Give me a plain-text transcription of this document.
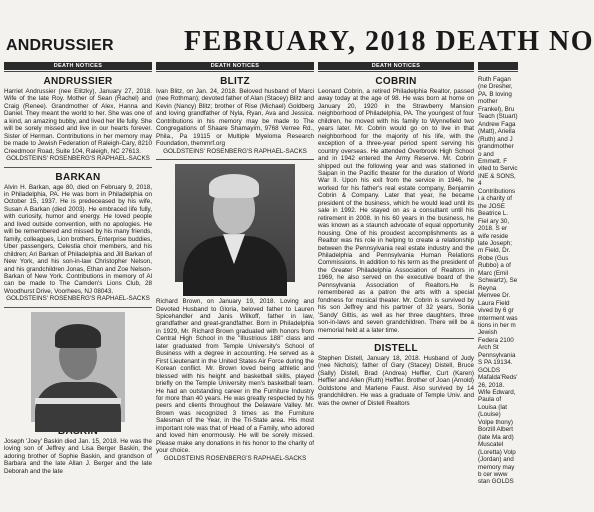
ANDRUSSIER	FEBRUARY, 2018 DEATH NO
DEATH NOTICES
ANDRUSSIER
Harriet Andrussier (nee Elitzky), January 27, 2018. Wife of the late Roy. Mother of Sean (Rachel) and Craig (Renee). Grandmother of Alex, Hanna and Daniel. They meant the world to her. She was one of a kind, an amazing bubby, and lived her life fully. She will be sorely missed and live in our hearts forever. Sister of Herman. Contributions in her memory may be made to Jewish Federation of Raleigh-Cary, 8210 Creedmoor Road, Suite 104, Raleigh, NC 27613.
GOLDSTEINS' ROSENBERG'S RAPHAEL-SACKS
BARKAN
Alvin H. Barkan, age 80, died on February 9, 2018, in Philadelphia, PA. He was born in Philadelphia on October 15, 1937. He is predeceased by his wife, Susan A Barkan (died 2003). He embraced life fully, with curiosity, humor and energy. He loved people and lived outside convention, with no apologies. He will be remembered and missed by his many friends, family, colleagues, Lion brothers, Enterprise buddies, Uber passengers, Celestia choir members, and his children; Ari Barkan of Philadelphia and Jill Barkan of New York, and his son-in-law Christopher Nelson, and his grandchildren Jonas, Ethan and Zoe Nelson-Barkan of New York. Contributions in memory of Al can be made to The Camden's Lions Club, 28 Woodhurst Drive, Voorhees, NJ 08043.
GOLDSTEINS' ROSENBERG'S RAPHAEL-SACKS
Joseph 'Joey' Baskin died Jan. 15, 2018. He was the loving son of Jeffrey and Lisa Berger Baskin, the adoring brother of Sophie Baskin, and grandson of Barbara and the late Allan J. Berger and the late Deborah and the late
DEATH NOTICES
BLITZ
Ivan Blitz, on Jan. 24, 2018. Beloved husband of Marci (nee Rothman); devoted father of Alan (Stacey) Blitz and Kevin (Nancy) Blitz; brother of Rise (Michael) Goldberg and loving grandfather of Nyla, Ryan, Ava and Jessica. Contributions in his memory may be made to The Congregations of Shaare Shamayim, 9768 Verree Rd., Phila., Pa 19115 or Multiple Myeloma Research Foundation, themmrf.org
GOLDSTEINS' ROSENBERG'S RAPHAEL-SACKS
Richard Brown, on January 19, 2018. Loving and Devoted Husband to Gloria, beloved father to Lauren Spicehandler and Janis Wilkoff, father in law, grandfather and great-grandfather. Born in Philadelphia in 1929, Mr. Richard Brown graduated with honors from Central High School in the "Illustrious 188" class and later graduated from Temple University's School of Business with a degree in accounting. He served as a First Lieutenant in the United States Air Force during the Korean conflict. Mr. Brown loved being athletic and blessed with his height and basketball skills, played briefly on the Temple University men's basketball team. He had an outstanding career in the Furniture Industry for more than 40 years. He was greatly respected by his peers and clients throughout the Delaware Valley. Mr. Brown was recognized 3 times as the Furniture Salesman of the Year, in the Tri-State area. His most important role was that of Head of a Family, who adored and loved him enormously. He will be sorely missed. Please make any donations in his honor to the charity of your choice.
GOLDSTEINS ROSENBERG'S RAPHAEL-SACKS
DEATH NOTICES
COBRIN
Leonard Cobrin, a retired Philadelphia Realtor, passed away today at the age of 98. He was born at home on January 20, 1920 in the Strawberry Mansion neighborhood of Philadelphia, PA. The youngest of four children, he moved with his family to Wynnefield two years later. Mr. Cobrin would go on to live in that neighborhood for the majority of his life, with the exception of a three-year period spent serving his country overseas. He attended Overbrook High School and in 1942 entered the Army Reserve. Mr. Cobrin shipped out the following year and was stationed in Saipan in the Pacific theater for the duration of World War II. Upon his exit from the service in 1946, he worked for his father's real estate company, Benjamin Cobrin & Company. Later that year, he became president of the business, which he would lead until its sale in 1992. He stayed on as a consultant until his retirement in 2008. In his 60 years in the business, he was known as a staunch advocate of equal opportunity housing. One of his proudest accomplishments as a Realtor was his role in helping to create a relationship between the Pennsylvania real estate industry and the Philadelphia and Pennsylvania Human Relations Commissions. In addition to his term as the president of the Greater Philadelphia Association of Realtors in 1969, he also served on the executive board of the Pennsylvania Association of Realtors.He is remembered as a patron the arts with a special fondness for musical theater. Mr. Cobrin is survived by his son Jeffrey and his partner of 32 years, Sonia 'Sandy' Gittis, as well as her three daughters, three son-in-laws and seven grandchildren. There will be a memorial held at a later time.
DISTELL
Stephen Distell, January 18, 2018. Husband of Judy (nee Nichols); father of Gary (Stacey) Distell, Bruce (Sally) Distell, Brad (Andrea) Heffler, Curt (Karen) Heffler and Allen (Ruth) Heffler. Brother of Joan (Arnold) Goldstone and Marlene Faust. Also survived by 14 grandchildren. He was a graduate of Temple Univ. and was the owner of Distell Realtors

Ruth Fagan (ne Dresher, PA. B loving mother Frankel), Bru Teach (Stuart) Andrew Faga (Matt), Ariella (Ruth) and J grandmother o and Emmett. F vited to Servic INE & SONS, 4 Contributions i a charity of the JOSE Beatrice L. Fiel ary 30, 2018. S er wife reside late Joseph; m Field, Dr. Robe (Gus Rubbo) a of Marc (Emil Schwartz), Se Reyna Menvee Dr. Laura Field vived by 6 gr Interment was tions in her m Jewish Federa 2100 Arch St Pennsylvania S PA 19134. GOLDS Mafalda'Reds' 26, 2018. Wife Edward, Paula of Louisa (lat (Louise) Volpe thony) Borzill Albert (late Ma ard) Muscatel (Loretta) Volp (Jordan) and memory may b cer www stan GOLDS
